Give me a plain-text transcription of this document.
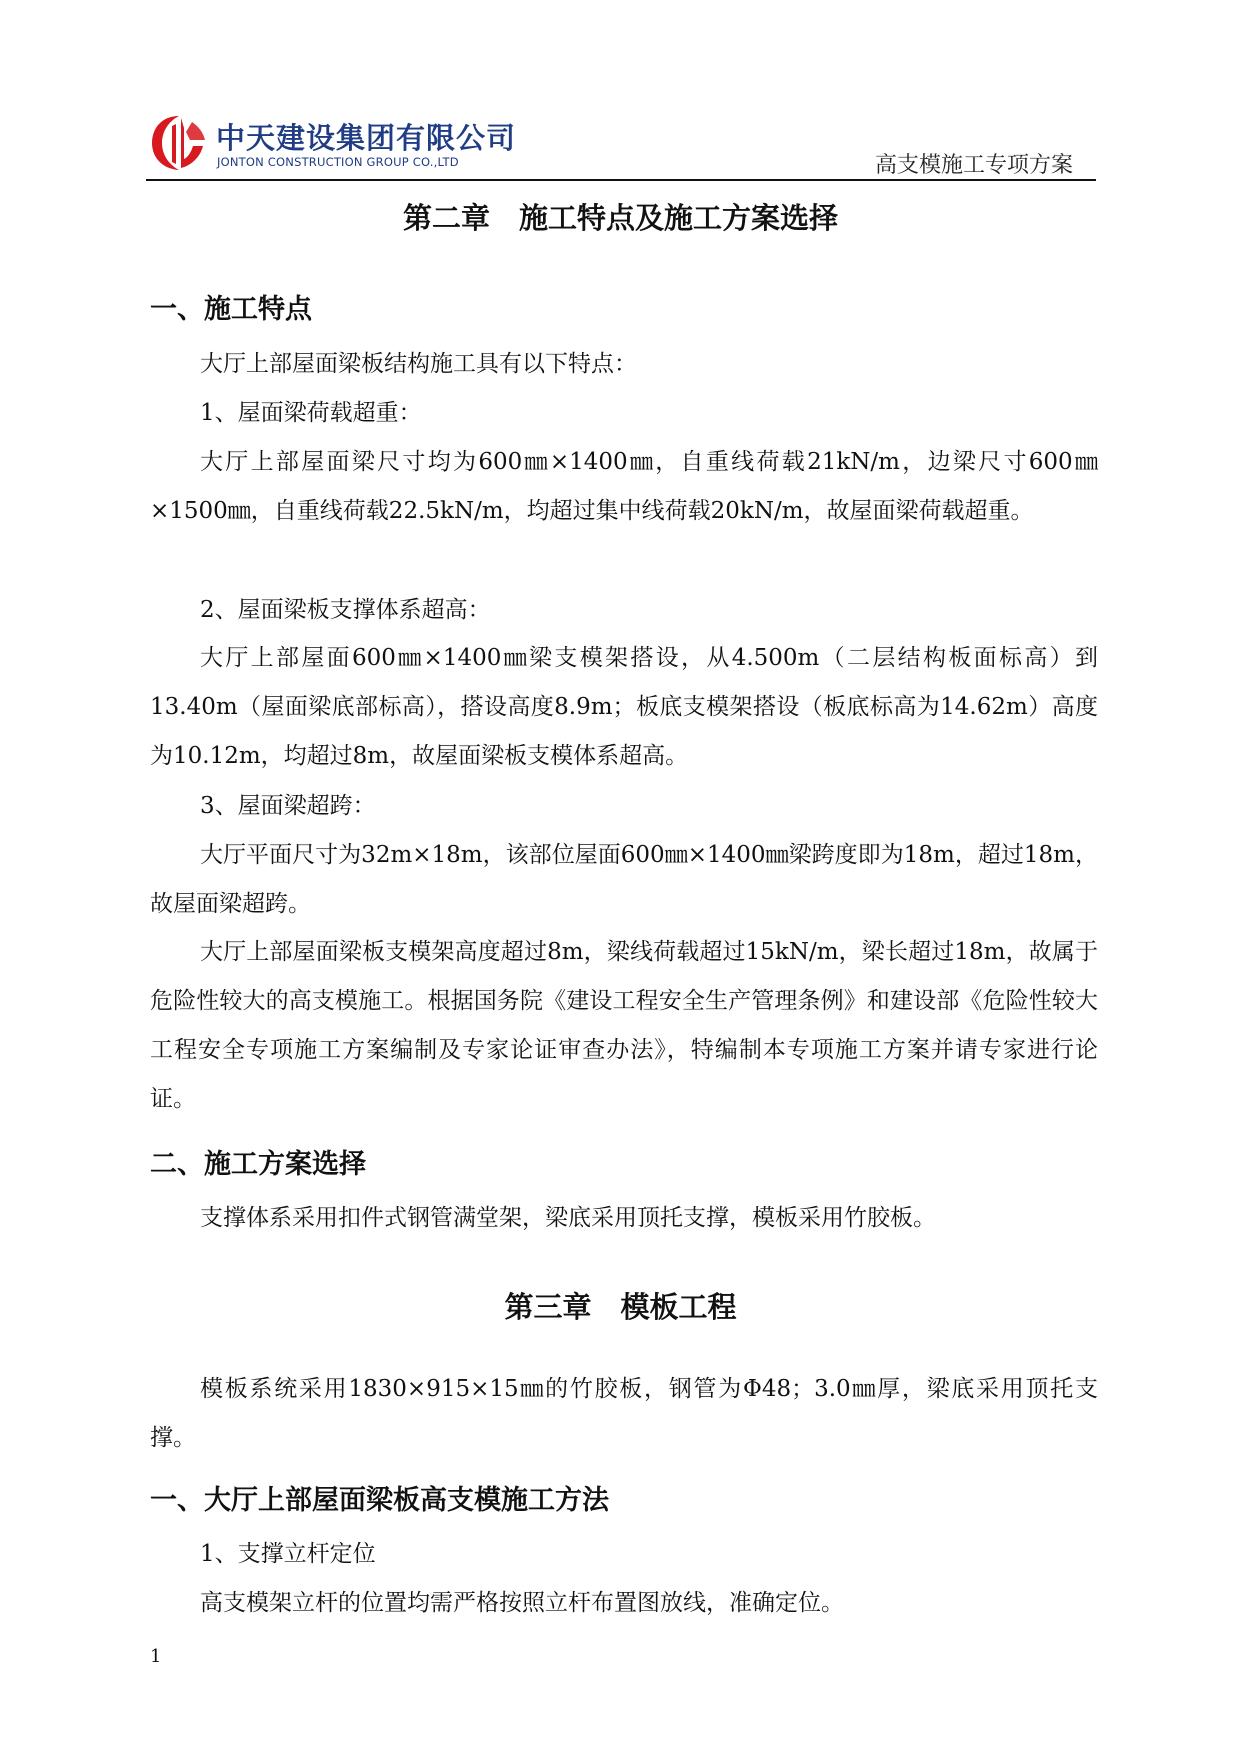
中天建设集团有限公司
JONTON CONSTRUCTION GROUP CO.,LTD	高支模施工专项方案
第二章　施工特点及施工方案选择
一、施工特点

大厅上部屋面梁板结构施工具有以下特点：

1、屋面梁荷载超重：

大厅上部屋面梁尺寸均为600㎜×1400㎜，自重线荷载21kN/m，边梁尺寸600㎜×1500㎜，自重线荷载22.5kN/m，均超过集中线荷载20kN/m，故屋面梁荷载超重。

2、屋面梁板支撑体系超高：

大厅上部屋面600㎜×1400㎜梁支模架搭设，从4.500m（二层结构板面标高）到13.40m（屋面梁底部标高），搭设高度8.9m；板底支模架搭设（板底标高为14.62m）高度为10.12m，均超过8m，故屋面梁板支模体系超高。

3、屋面梁超跨：

大厅平面尺寸为32m×18m，该部位屋面600㎜×1400㎜梁跨度即为18m，超过18m，故屋面梁超跨。

大厅上部屋面梁板支模架高度超过8m，梁线荷载超过15kN/m，梁长超过18m，故属于危险性较大的高支模施工。根据国务院《建设工程安全生产管理条例》和建设部《危险性较大工程安全专项施工方案编制及专家论证审查办法》，特编制本专项施工方案并请专家进行论证。

二、施工方案选择

支撑体系采用扣件式钢管满堂架，梁底采用顶托支撑，模板采用竹胶板。

第三章　模板工程

模板系统采用1830×915×15㎜的竹胶板，钢管为Φ48；3.0㎜厚，梁底采用顶托支撑。

一、大厅上部屋面梁板高支模施工方法

1、支撑立杆定位

高支模架立杆的位置均需严格按照立杆布置图放线，准确定位。

1
